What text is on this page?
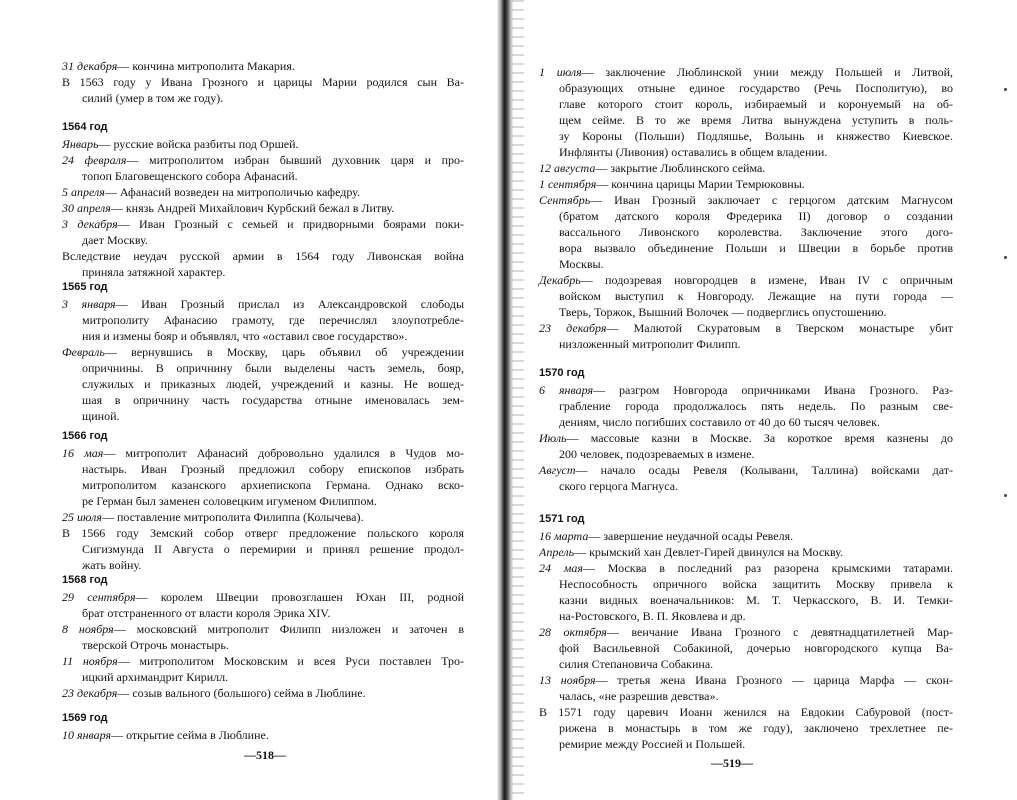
31 декабря— кончина митрополита Макария.
В 1563 году у Ивана Грозного и царицы Марии родился сын Ва-
силий (умер в том же году).
1564 год
Январь— русские войска разбиты под Оршей.
24 февраля— митрополитом избран бывший духовник царя и про-
топоп Благовещенского собора Афанасий.
5 апреля— Афанасий возведен на митрополичью кафедру.
30 апреля— князь Андрей Михайлович Курбский бежал в Литву.
3 декабря— Иван Грозный с семьей и придворными боярами поки-
дает Москву.
Вследствие неудач русской армии в 1564 году Ливонская война
приняла затяжной характер.
1565 год
3 января— Иван Грозный прислал из Александровской слободы
митрополиту Афанасию грамоту, где перечислял злоупотребле-
ния и измены бояр и объявлял, что «оставил свое государство».
Февраль— вернувшись в Москву, царь объявил об учреждении
опричнины. В опричнину были выделены часть земель, бояр,
служилых и приказных людей, учреждений и казны. Не вошед-
шая в опричнину часть государства отныне именовалась зем-
щиной.
1566 год
16 мая— митрополит Афанасий добровольно удалился в Чудов мо-
настырь. Иван Грозный предложил собору епископов избрать
митрополитом казанского архиепископа Германа. Однако вско-
ре Герман был заменен соловецким игуменом Филиппом.
25 июля— поставление митрополита Филиппа (Колычева).
В 1566 году Земский собор отверг предложение польского короля
Сигизмунда II Августа о перемирии и принял решение продол-
жать войну.
1568 год
29 сентября— королем Швеции провозглашен Юхан III, родной
брат отстраненного от власти короля Эрика XIV.
8 ноября— московский митрополит Филипп низложен и заточен в
тверской Отрочь монастырь.
11 ноября— митрополитом Московским и всея Руси поставлен Тро-
ицкий архимандрит Кирилл.
23 декабря— созыв вального (большого) сейма в Люблине.
1569 год
10 января— открытие сейма в Люблине.
—518—
1 июля— заключение Люблинской унии между Польшей и Литвой,
образующих отныне единое государство (Речь Посполитую), во
главе которого стоит король, избираемый и коронуемый на об-
щем сейме. В то же время Литва вынуждена уступить в поль-
зу Короны (Польши) Подляшье, Волынь и княжество Киевское.
Инфлянты (Ливония) оставались в общем владении.
12 августа— закрытие Люблинского сейма.
1 сентября— кончина царицы Марии Темрюковны.
Сентябрь— Иван Грозный заключает с герцогом датским Магнусом
(братом датского короля Фредерика II) договор о создании
вассального Ливонского королевства. Заключение этого дого-
вора вызвало объединение Польши и Швеции в борьбе против
Москвы.
Декабрь— подозревая новгородцев в измене, Иван IV с опричным
войском выступил к Новгороду. Лежащие на пути города —
Тверь, Торжок, Вышний Волочек — подверглись опустошению.
23 декабря— Малютой Скуратовым в Тверском монастыре убит
низложенный митрополит Филипп.
1570 год
6 января— разгром Новгорода опричниками Ивана Грозного. Раз-
грабление города продолжалось пять недель. По разным све-
дениям, число погибших составило от 40 до 60 тысяч человек.
Июль— массовые казни в Москве. За короткое время казнены до
200 человек, подозреваемых в измене.
Август— начало осады Ревеля (Колывани, Таллина) войсками дат-
ского герцога Магнуса.
1571 год
16 марта— завершение неудачной осады Ревеля.
Апрель— крымский хан Девлет-Гирей двинулся на Москву.
24 мая— Москва в последний раз разорена крымскими татарами.
Неспособность опричного войска защитить Москву привела к
казни видных военачальников: М. Т. Черкасского, В. И. Темки-
на-Ростовского, В. П. Яковлева и др.
28 октября— венчание Ивана Грозного с девятнадцатилетней Мар-
фой Васильевной Собакиной, дочерью новгородского купца Ва-
силия Степановича Собакина.
13 ноября— третья жена Ивана Грозного — царица Марфа — скон-
чалась, «не разрешив девства».
В 1571 году царевич Иоанн женился на Евдокии Сабуровой (пост-
рижена в монастырь в том же году), заключено трехлетнее пе-
ремирие между Россией и Польшей.
—519—
